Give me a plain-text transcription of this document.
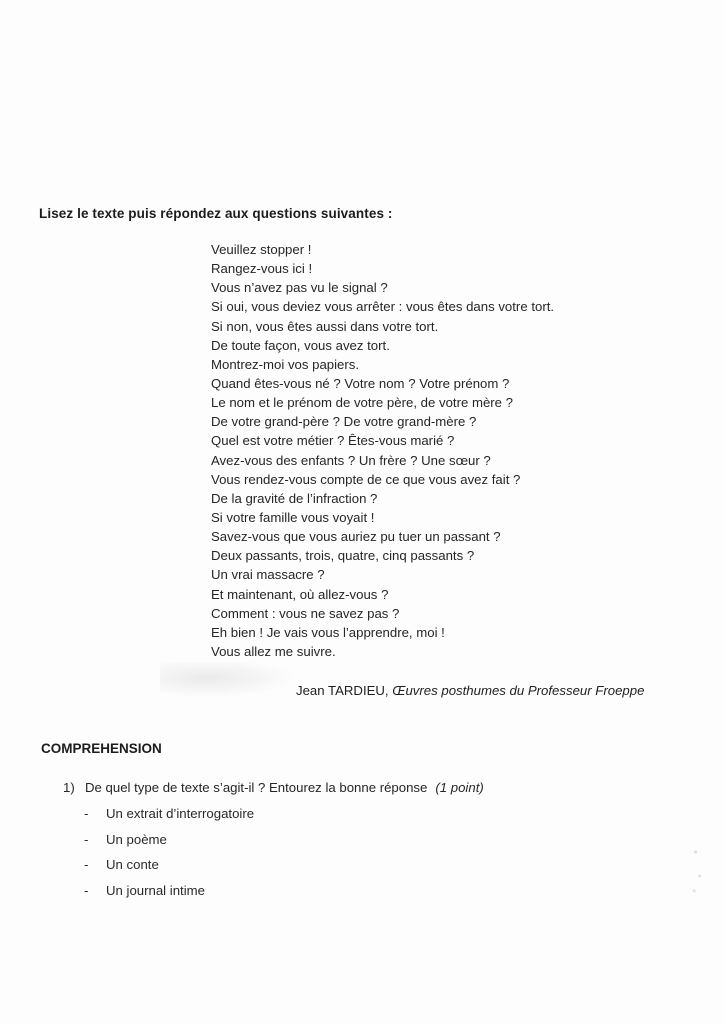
Lisez le texte puis répondez aux questions suivantes :
Veuillez stopper !
Rangez-vous ici !
Vous n’avez pas vu le signal ?
Si oui, vous deviez vous arrêter : vous êtes dans votre tort.
Si non, vous êtes aussi dans votre tort.
De toute façon, vous avez tort.
Montrez-moi vos papiers.
Quand êtes-vous né ? Votre nom ? Votre prénom ?
Le nom et le prénom de votre père, de votre mère ?
De votre grand-père ? De votre grand-mère ?
Quel est votre métier ? Êtes-vous marié ?
Avez-vous des enfants ? Un frère ? Une sœur ?
Vous rendez-vous compte de ce que vous avez fait ?
De la gravité de l’infraction ?
Si votre famille vous voyait !
Savez-vous que vous auriez pu tuer un passant ?
Deux passants, trois, quatre, cinq passants ?
Un vrai massacre ?
Et maintenant, où allez-vous ?
Comment : vous ne savez pas ?
Eh bien ! Je vais vous l’apprendre, moi !
Vous allez me suivre.
Jean TARDIEU, Œuvres posthumes du Professeur Froeppe
COMPREHENSION
1) De quel type de texte s’agit-il ? Entourez la bonne réponse (1 point)
- Un extrait d’interrogatoire
- Un poème
- Un conte
- Un journal intime
